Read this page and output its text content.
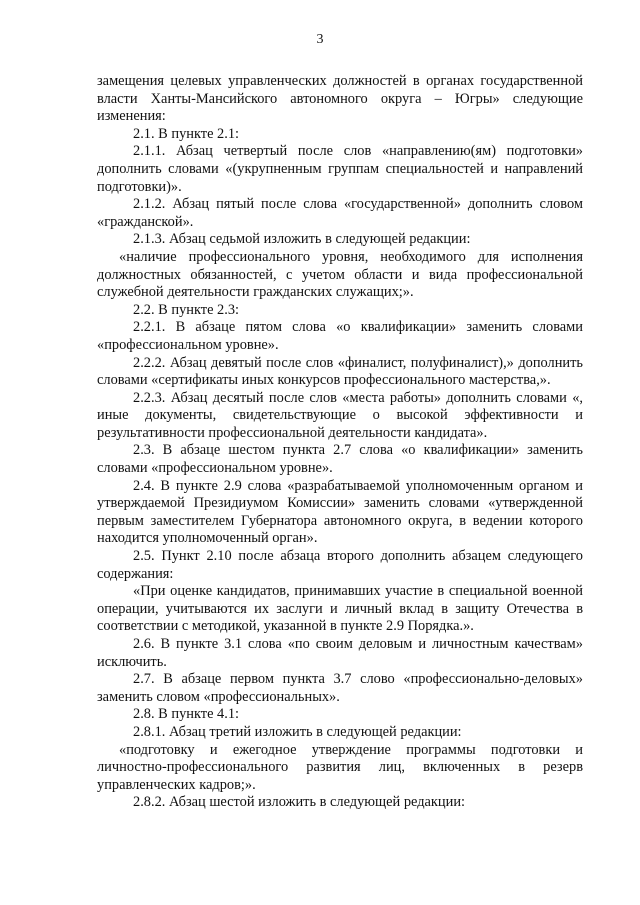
3

замещения целевых управленческих должностей в органах государственной власти Ханты-Мансийского автономного округа – Югры» следующие изменения:

2.1. В пункте 2.1:

2.1.1. Абзац четвертый после слов «направлению(ям) подготовки» дополнить словами «(укрупненным группам специальностей и направлений подготовки)».

2.1.2. Абзац пятый после слова «государственной» дополнить словом «гражданской».

2.1.3. Абзац седьмой изложить в следующей редакции:

«наличие профессионального уровня, необходимого для исполнения должностных обязанностей, с учетом области и вида профессиональной служебной деятельности гражданских служащих;».

2.2. В пункте 2.3:

2.2.1. В абзаце пятом слова «о квалификации» заменить словами «профессиональном уровне».

2.2.2. Абзац девятый после слов «финалист, полуфиналист),» дополнить словами «сертификаты иных конкурсов профессионального мастерства,».

2.2.3. Абзац десятый после слов «места работы» дополнить словами «, иные документы, свидетельствующие о высокой эффективности и результативности профессиональной деятельности кандидата».

2.3. В абзаце шестом пункта 2.7 слова «о квалификации» заменить словами «профессиональном уровне».

2.4. В пункте 2.9 слова «разрабатываемой уполномоченным органом и утверждаемой Президиумом Комиссии» заменить словами «утвержденной первым заместителем Губернатора автономного округа, в ведении которого находится уполномоченный орган».

2.5. Пункт 2.10 после абзаца второго дополнить абзацем следующего содержания:

«При оценке кандидатов, принимавших участие в специальной военной операции, учитываются их заслуги и личный вклад в защиту Отечества в соответствии с методикой, указанной в пункте 2.9 Порядка.».

2.6. В пункте 3.1 слова «по своим деловым и личностным качествам» исключить.

2.7. В абзаце первом пункта 3.7 слово «профессионально-деловых» заменить словом «профессиональных».

2.8. В пункте 4.1:

2.8.1. Абзац третий изложить в следующей редакции:

«подготовку и ежегодное утверждение программы подготовки и личностно-профессионального развития лиц, включенных в резерв управленческих кадров;».

2.8.2. Абзац шестой изложить в следующей редакции:
